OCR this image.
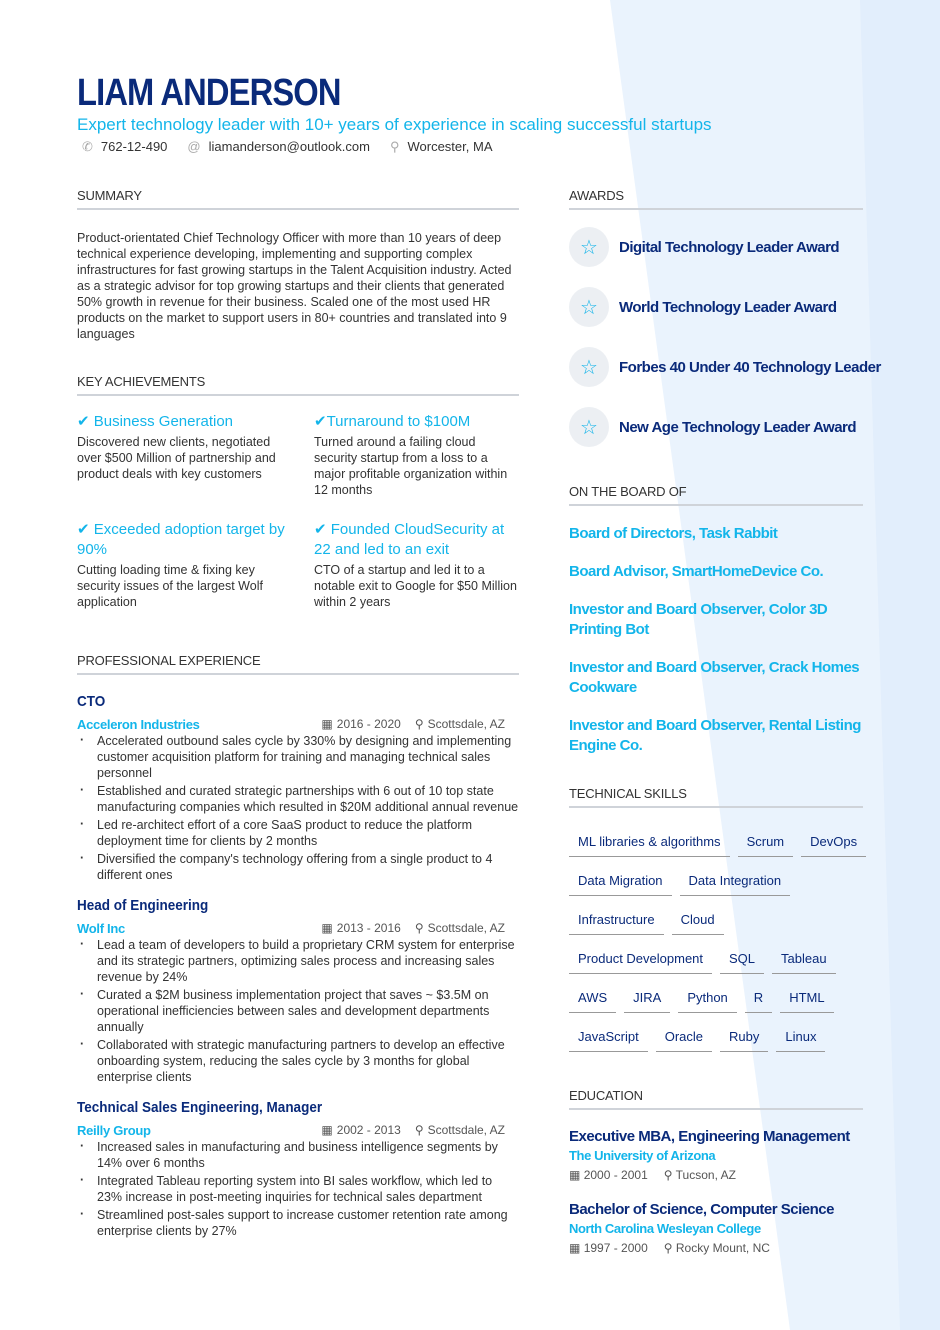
LIAM ANDERSON
Expert technology leader with 10+ years of experience in scaling successful startups
✆ 762-12-490 @ liamanderson@outlook.com ⚲ Worcester, MA
SUMMARY

Product-orientated Chief Technology Officer with more than 10 years of deep technical experience developing, implementing and supporting complex infrastructures for fast growing startups in the Talent Acquisition industry. Acted as a strategic advisor for top growing startups and their clients that generated 50% growth in revenue for their business. Scaled one of the most used HR products on the market to support users in 80+ countries and translated into 9 languages

KEY ACHIEVEMENTS
✔ Business Generation
Discovered new clients, negotiated over $500 Million of partnership and product deals with key customers
✔Turnaround to $100M
Turned around a failing cloud security startup from a loss to a major profitable organization within 12 months
✔ Exceeded adoption target by 90%
Cutting loading time & fixing key security issues of the largest Wolf application
✔ Founded CloudSecurity at 22 and led to an exit
CTO of a startup and led it to a notable exit to Google for $50 Million within 2 years
PROFESSIONAL EXPERIENCE
CTO
Acceleron Industries	▦ 2016 - 2020 ⚲ Scottsdale, AZ
· Accelerated outbound sales cycle by 330% by designing and implementing customer acquisition platform for training and managing technical sales personnel
· Established and curated strategic partnerships with 6 out of 10 top state manufacturing companies which resulted in $20M additional annual revenue
· Led re-architect effort of a core SaaS product to reduce the platform deployment time for clients by 2 months
· Diversified the company's technology offering from a single product to 4 different ones
Head of Engineering
Wolf Inc	▦ 2013 - 2016 ⚲ Scottsdale, AZ
· Lead a team of developers to build a proprietary CRM system for enterprise and its strategic partners, optimizing sales process and increasing sales revenue by 24%
· Curated a $2M business implementation project that saves ~ $3.5M on operational inefficiencies between sales and development departments annually
· Collaborated with strategic manufacturing partners to develop an effective onboarding system, reducing the sales cycle by 3 months for global enterprise clients
Technical Sales Engineering, Manager
Reilly Group	▦ 2002 - 2013 ⚲ Scottsdale, AZ
· Increased sales in manufacturing and business intelligence segments by 14% over 6 months
· Integrated Tableau reporting system into BI sales workflow, which led to 23% increase in post-meeting inquiries for technical sales department
· Streamlined post-sales support to increase customer retention rate among enterprise clients by 27%
AWARDS
☆	Digital Technology Leader Award
☆	World Technology Leader Award
☆	Forbes 40 Under 40 Technology Leader
☆	New Age Technology Leader Award
ON THE BOARD OF
Board of Directors, Task Rabbit
Board Advisor, SmartHomeDevice Co.
Investor and Board Observer, Color 3D Printing Bot
Investor and Board Observer, Crack Homes Cookware
Investor and Board Observer, Rental Listing Engine Co.
TECHNICAL SKILLS
ML libraries & algorithms	Scrum	DevOps
Data Migration	Data Integration
Infrastructure	Cloud
Product Development	SQL	Tableau
AWS	JIRA	Python	R	HTML
JavaScript	Oracle	Ruby	Linux
EDUCATION
Executive MBA, Engineering Management
The University of Arizona
▦ 2000 - 2001 ⚲ Tucson, AZ
Bachelor of Science, Computer Science
North Carolina Wesleyan College
▦ 1997 - 2000 ⚲ Rocky Mount, NC
